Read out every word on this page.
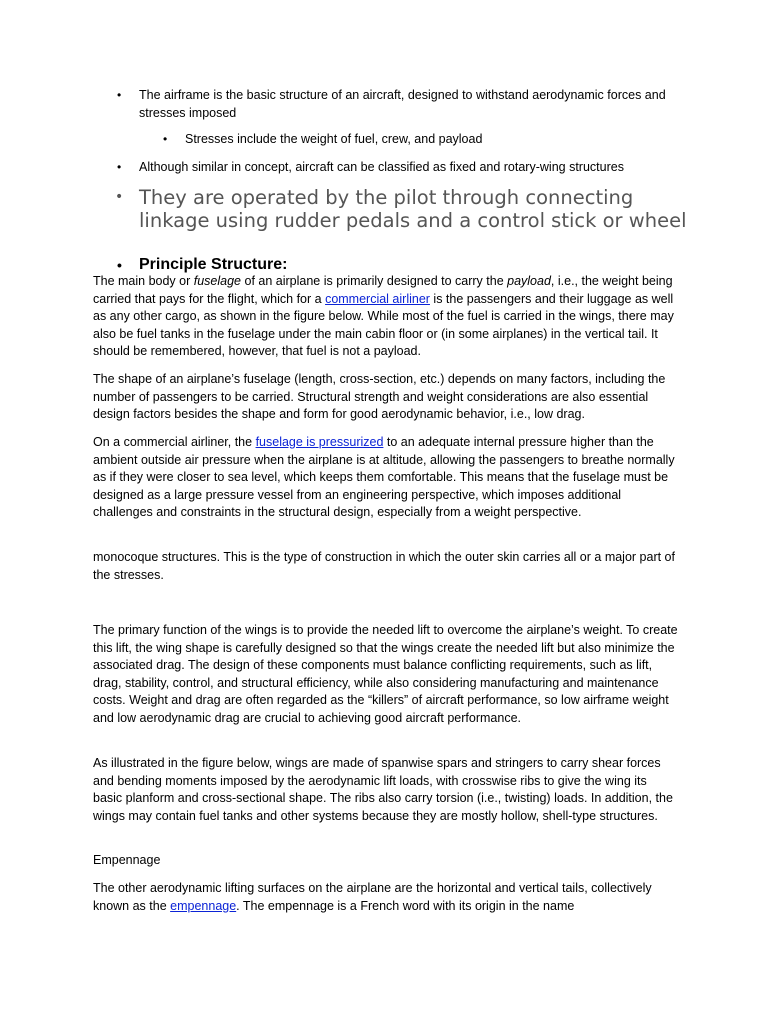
• The airframe is the basic structure of an aircraft, designed to withstand aerodynamic forces and stresses imposed
• Stresses include the weight of fuel, crew, and payload
• Although similar in concept, aircraft can be classified as fixed and rotary-wing structures
• They are operated by the pilot through connecting linkage using rudder pedals and a control stick or wheel
• Principle Structure:

The main body or fuselage of an airplane is primarily designed to carry the payload, i.e., the weight being carried that pays for the flight, which for a commercial airliner is the passengers and their luggage as well as any other cargo, as shown in the figure below. While most of the fuel is carried in the wings, there may also be fuel tanks in the fuselage under the main cabin floor or (in some airplanes) in the vertical tail. It should be remembered, however, that fuel is not a payload.

The shape of an airplane’s fuselage (length, cross-section, etc.) depends on many factors, including the number of passengers to be carried. Structural strength and weight considerations are also essential design factors besides the shape and form for good aerodynamic behavior, i.e., low drag.

On a commercial airliner, the fuselage is pressurized to an adequate internal pressure higher than the ambient outside air pressure when the airplane is at altitude, allowing the passengers to breathe normally as if they were closer to sea level, which keeps them comfortable. This means that the fuselage must be designed as a large pressure vessel from an engineering perspective, which imposes additional challenges and constraints in the structural design, especially from a weight perspective.

monocoque structures. This is the type of construction in which the outer skin carries all or a major part of the stresses.

The primary function of the wings is to provide the needed lift to overcome the airplane’s weight. To create this lift, the wing shape is carefully designed so that the wings create the needed lift but also minimize the associated drag. The design of these components must balance conflicting requirements, such as lift, drag, stability, control, and structural efficiency, while also considering manufacturing and maintenance costs. Weight and drag are often regarded as the “killers” of aircraft performance, so low airframe weight and low aerodynamic drag are crucial to achieving good aircraft performance.

As illustrated in the figure below, wings are made of spanwise spars and stringers to carry shear forces and bending moments imposed by the aerodynamic lift loads, with crosswise ribs to give the wing its basic planform and cross-sectional shape. The ribs also carry torsion (i.e., twisting) loads. In addition, the wings may contain fuel tanks and other systems because they are mostly hollow, shell-type structures.

Empennage

The other aerodynamic lifting surfaces on the airplane are the horizontal and vertical tails, collectively known as the empennage. The empennage is a French word with its origin in the name
